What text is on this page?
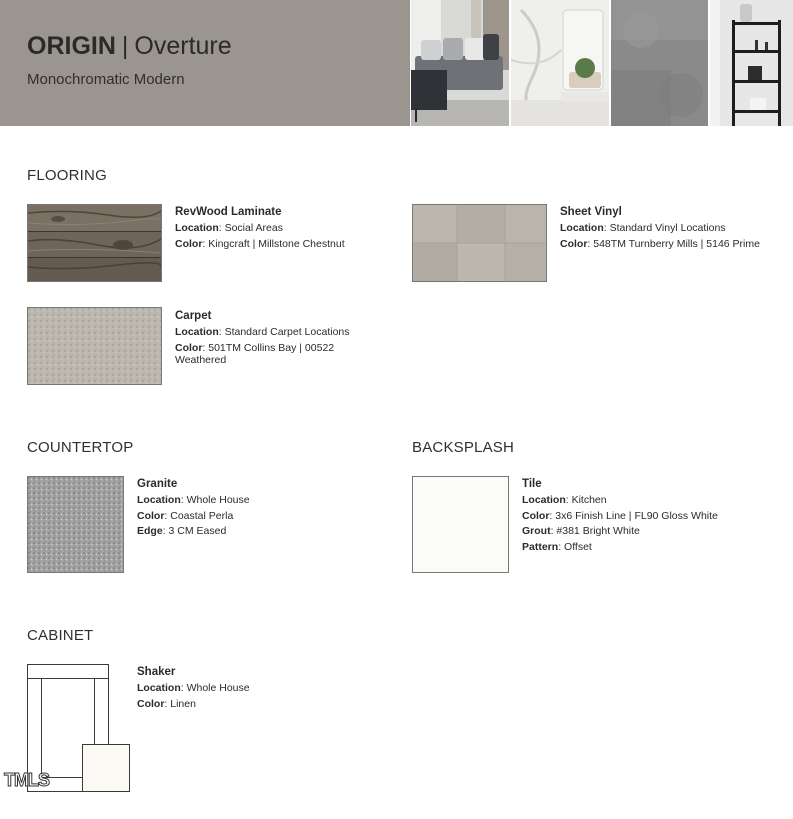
ORIGIN | Overture
Monochromatic Modern
FLOORING
RevWood Laminate
Location: Social Areas
Color: Kingcraft | Millstone Chestnut
Sheet Vinyl
Location: Standard Vinyl Locations
Color: 548TM Turnberry Mills | 5146 Prime
Carpet
Location: Standard Carpet Locations
Color: 501TM Collins Bay | 00522
Weathered
COUNTERTOP
Granite
Location: Whole House
Color: Coastal Perla
Edge: 3 CM Eased
BACKSPLASH
Tile
Location: Kitchen
Color: 3x6 Finish Line | FL90 Gloss White
Grout: #381 Bright White
Pattern: Offset
CABINET
Shaker
Location: Whole House
Color: Linen
TMLS
